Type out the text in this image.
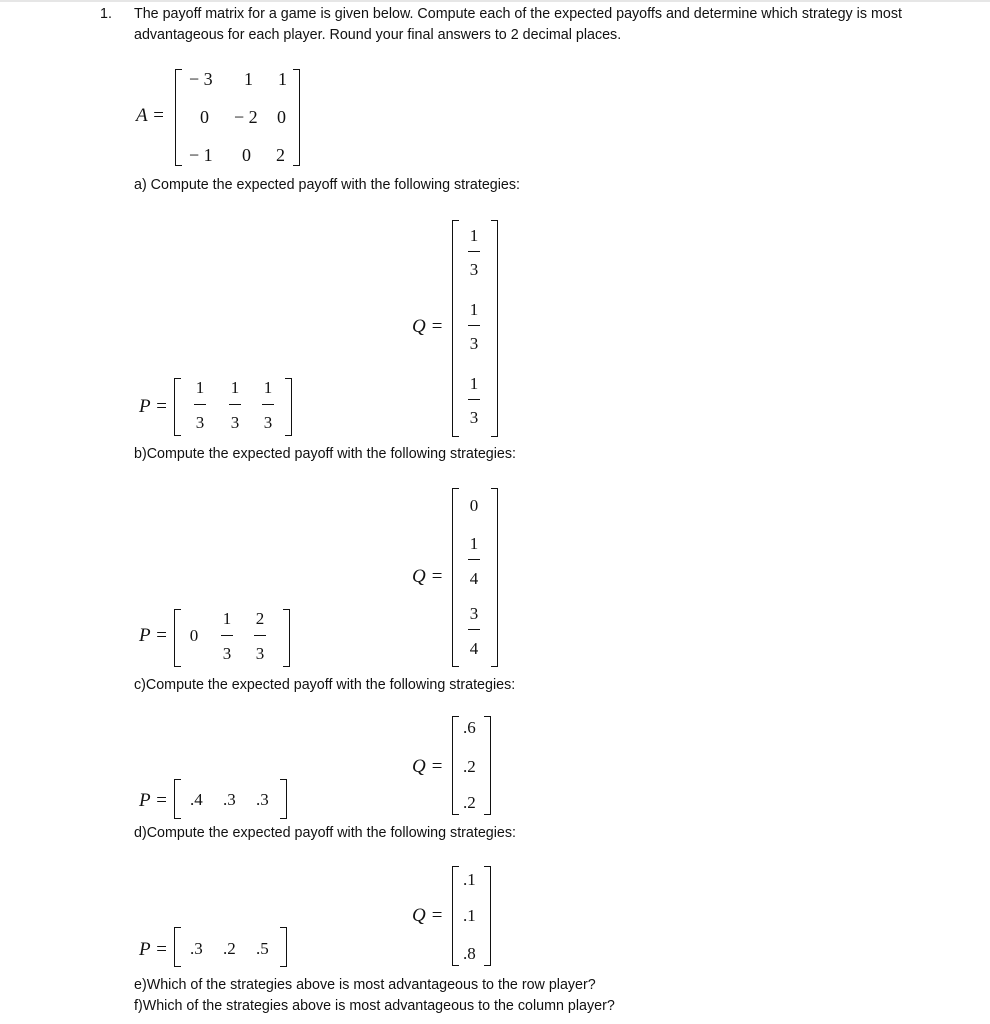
1. The payoff matrix for a game is given below. Compute each of the expected payoffs and determine which strategy is most
advantageous for each player. Round your final answers to 2 decimal places.
A =
− 3 1 1
0 − 2 0
− 1 0 2
a) Compute the expected payoff with the following strategies:
Q =
1
3
1
3
1
3
P =
1
3
1
3
1
3
b)Compute the expected payoff with the following strategies:
Q =
0
1
4
3
4
P =	0
1
3
2
3
c)Compute the expected payoff with the following strategies:
Q =
.6
.2
.2
P = .4 .3 .3
d)Compute the expected payoff with the following strategies:
Q =
.1
.1
.8
P = .3 .2 .5
e)Which of the strategies above is most advantageous to the row player?
f)Which of the strategies above is most advantageous to the column player?
